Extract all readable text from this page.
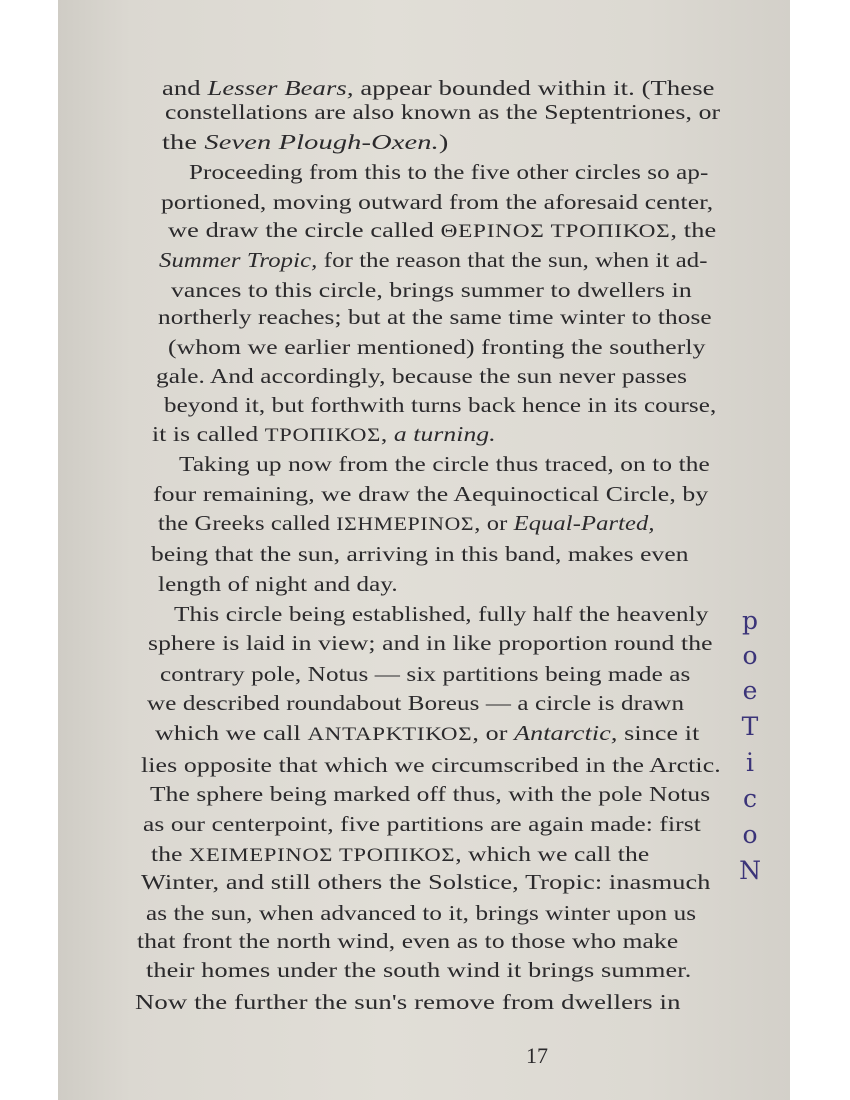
and Lesser Bears, appear bounded within it. (These
constellations are also known as the Septentriones, or
the Seven Plough-Oxen.)
Proceeding from this to the five other circles so ap-
portioned, moving outward from the aforesaid center,
we draw the circle called ΘΕΡΙΝΟΣ ΤΡΟΠΙΚΟΣ, the
Summer Tropic, for the reason that the sun, when it ad-
vances to this circle, brings summer to dwellers in
northerly reaches; but at the same time winter to those
(whom we earlier mentioned) fronting the southerly
gale. And accordingly, because the sun never passes
beyond it, but forthwith turns back hence in its course,
it is called ΤΡΟΠΙΚΟΣ, a turning.
Taking up now from the circle thus traced, on to the
four remaining, we draw the Aequinoctical Circle, by
the Greeks called ΙΣΗΜΕΡΙΝΟΣ, or Equal-Parted,
being that the sun, arriving in this band, makes even
length of night and day.
This circle being established, fully half the heavenly
sphere is laid in view; and in like proportion round the
contrary pole, Notus — six partitions being made as
we described roundabout Boreus — a circle is drawn
which we call ΑΝΤΑΡΚΤΙΚΟΣ, or Antarctic, since it
lies opposite that which we circumscribed in the Arctic.
The sphere being marked off thus, with the pole Notus
as our centerpoint, five partitions are again made: first
the ΧΕΙΜΕΡΙΝΟΣ ΤΡΟΠΙΚΟΣ, which we call the
Winter, and still others the Solstice, Tropic: inasmuch
as the sun, when advanced to it, brings winter upon us
that front the north wind, even as to those who make
their homes under the south wind it brings summer.
Now the further the sun's remove from dwellers in
p
o
e
T
i
c
o
N
17
